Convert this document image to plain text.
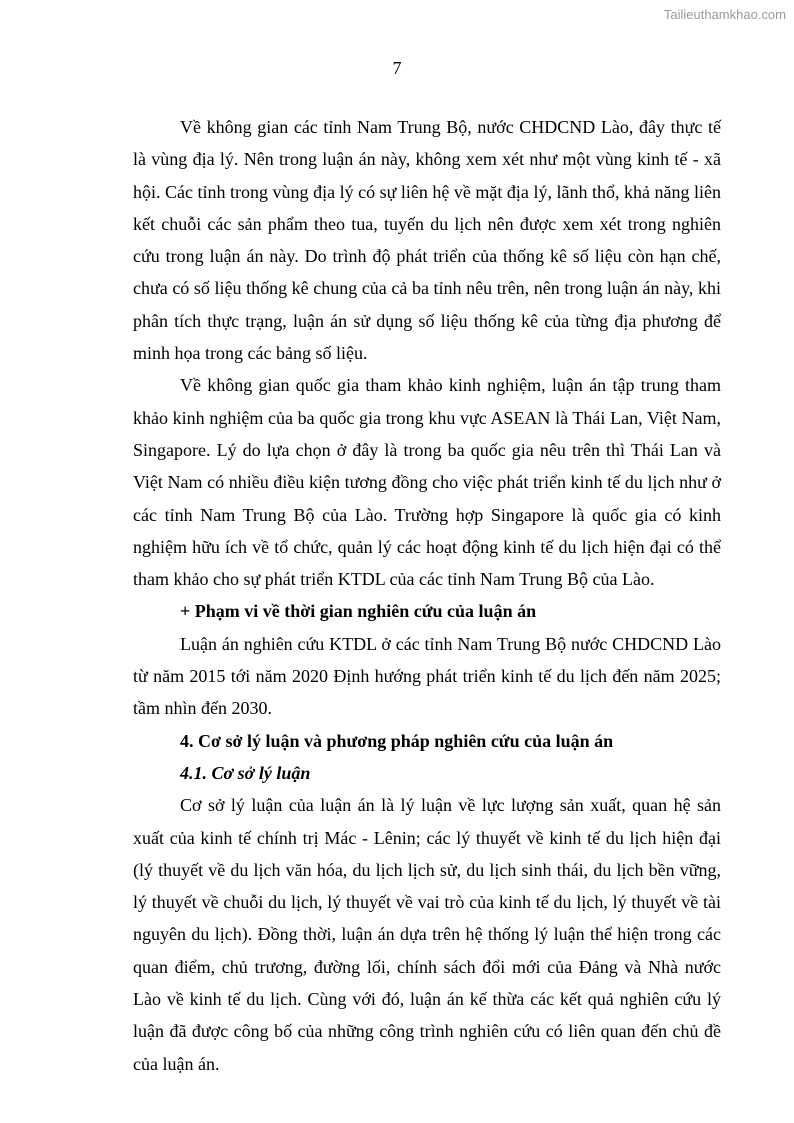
Tailieuthamkhao.com
7

Về không gian các tỉnh Nam Trung Bộ, nước CHDCND Lào, đây thực tế là vùng địa lý. Nên trong luận án này, không xem xét như một vùng kinh tế - xã hội. Các tỉnh trong vùng địa lý có sự liên hệ về mặt địa lý, lãnh thổ, khả năng liên kết chuỗi các sản phẩm theo tua, tuyến du lịch nên được xem xét trong nghiên cứu trong luận án này. Do trình độ phát triển của thống kê số liệu còn hạn chế, chưa có số liệu thống kê chung của cả ba tỉnh nêu trên, nên trong luận án này, khi phân tích thực trạng, luận án sử dụng số liệu thống kê của từng địa phương để minh họa trong các bảng số liệu.

Về không gian quốc gia tham khảo kinh nghiệm, luận án tập trung tham khảo kinh nghiệm của ba quốc gia trong khu vực ASEAN là Thái Lan, Việt Nam, Singapore. Lý do lựa chọn ở đây là trong ba quốc gia nêu trên thì Thái Lan và Việt Nam có nhiều điều kiện tương đồng cho việc phát triển kinh tế du lịch như ở các tỉnh Nam Trung Bộ của Lào. Trường hợp Singapore là quốc gia có kinh nghiệm hữu ích về tổ chức, quản lý các hoạt động kinh tế du lịch hiện đại có thể tham khảo cho sự phát triển KTDL của các tỉnh Nam Trung Bộ của Lào.

+ Phạm vi về thời gian nghiên cứu của luận án

Luận án nghiên cứu KTDL ở các tỉnh Nam Trung Bộ nước CHDCND Lào từ năm 2015 tới năm 2020 Định hướng phát triển kinh tế du lịch đến năm 2025; tầm nhìn đến 2030.

4. Cơ sở lý luận và phương pháp nghiên cứu của luận án

4.1. Cơ sở lý luận

Cơ sở lý luận của luận án là lý luận về lực lượng sản xuất, quan hệ sản xuất của kinh tế chính trị Mác - Lênin; các lý thuyết về kinh tế du lịch hiện đại (lý thuyết về du lịch văn hóa, du lịch lịch sử, du lịch sinh thái, du lịch bền vững, lý thuyết về chuỗi du lịch, lý thuyết về vai trò của kinh tế du lịch, lý thuyết về tài nguyên du lịch). Đồng thời, luận án dựa trên hệ thống lý luận thể hiện trong các quan điểm, chủ trương, đường lối, chính sách đổi mới của Đảng và Nhà nước Lào về kinh tế du lịch. Cùng với đó, luận án kế thừa các kết quả nghiên cứu lý luận đã được công bố của những công trình nghiên cứu có liên quan đến chủ đề của luận án.
